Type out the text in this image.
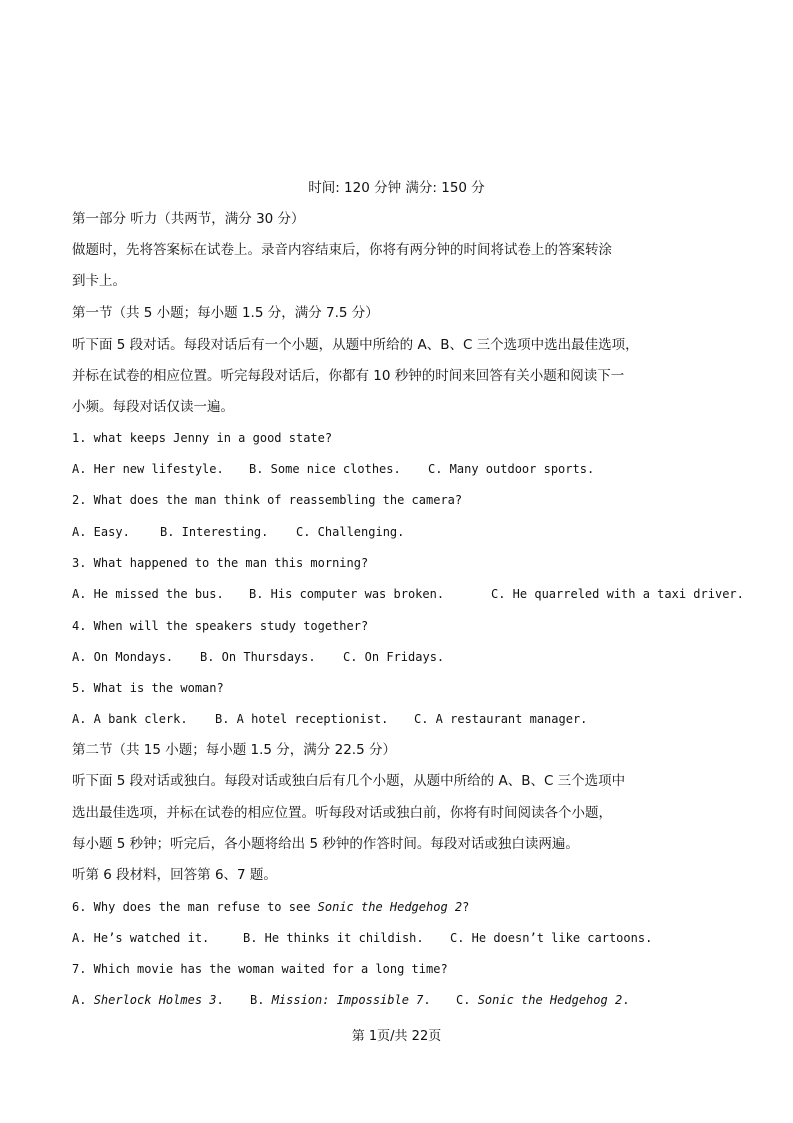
时间: 120 分钟 满分: 150 分
第一部分 听力（共两节，满分 30 分）
做题时，先将答案标在试卷上。录音内容结束后，你将有两分钟的时间将试卷上的答案转涂
到卡上。
第一节（共 5 小题；每小题 1.5 分，满分 7.5 分）
听下面 5 段对话。每段对话后有一个小题，从题中所给的 A、B、C 三个选项中选出最佳选项，
并标在试卷的相应位置。听完每段对话后，你都有 10 秒钟的时间来回答有关小题和阅读下一
小频。每段对话仅读一遍。
1. what keeps Jenny in a good state?
A. Her new lifestyle. B. Some nice clothes. C. Many outdoor sports.
2. What does the man think of reassembling the camera?
A. Easy.	B. Interesting. C. Challenging.
3. What happened to the man this morning?
A. He missed the bus. B. His computer was broken.	C. He quarreled with a taxi driver.
4. When will the speakers study together?
A. On Mondays. B. On Thursdays. C. On Fridays.
5. What is the woman?
A. A bank clerk. B. A hotel receptionist. C. A restaurant manager.
第二节（共 15 小题；每小题 1.5 分，满分 22.5 分）
听下面 5 段对话或独白。每段对话或独白后有几个小题，从题中所给的 A、B、C 三个选项中
选出最佳选项，并标在试卷的相应位置。听每段对话或独白前，你将有时间阅读各个小题，
每小题 5 秒钟；听完后，各小题将给出 5 秒钟的作答时间。每段对话或独白读两遍。
听第 6 段材料，回答第 6、7 题。
6. Why does the man refuse to see Sonic the Hedgehog 2?
A. He’s watched it.	B. He thinks it childish. C. He doesn’t like cartoons.
7. Which movie has the woman waited for a long time?
A. Sherlock Holmes 3. B. Mission: Impossible 7. C. Sonic the Hedgehog 2.
第 1页/共 22页
